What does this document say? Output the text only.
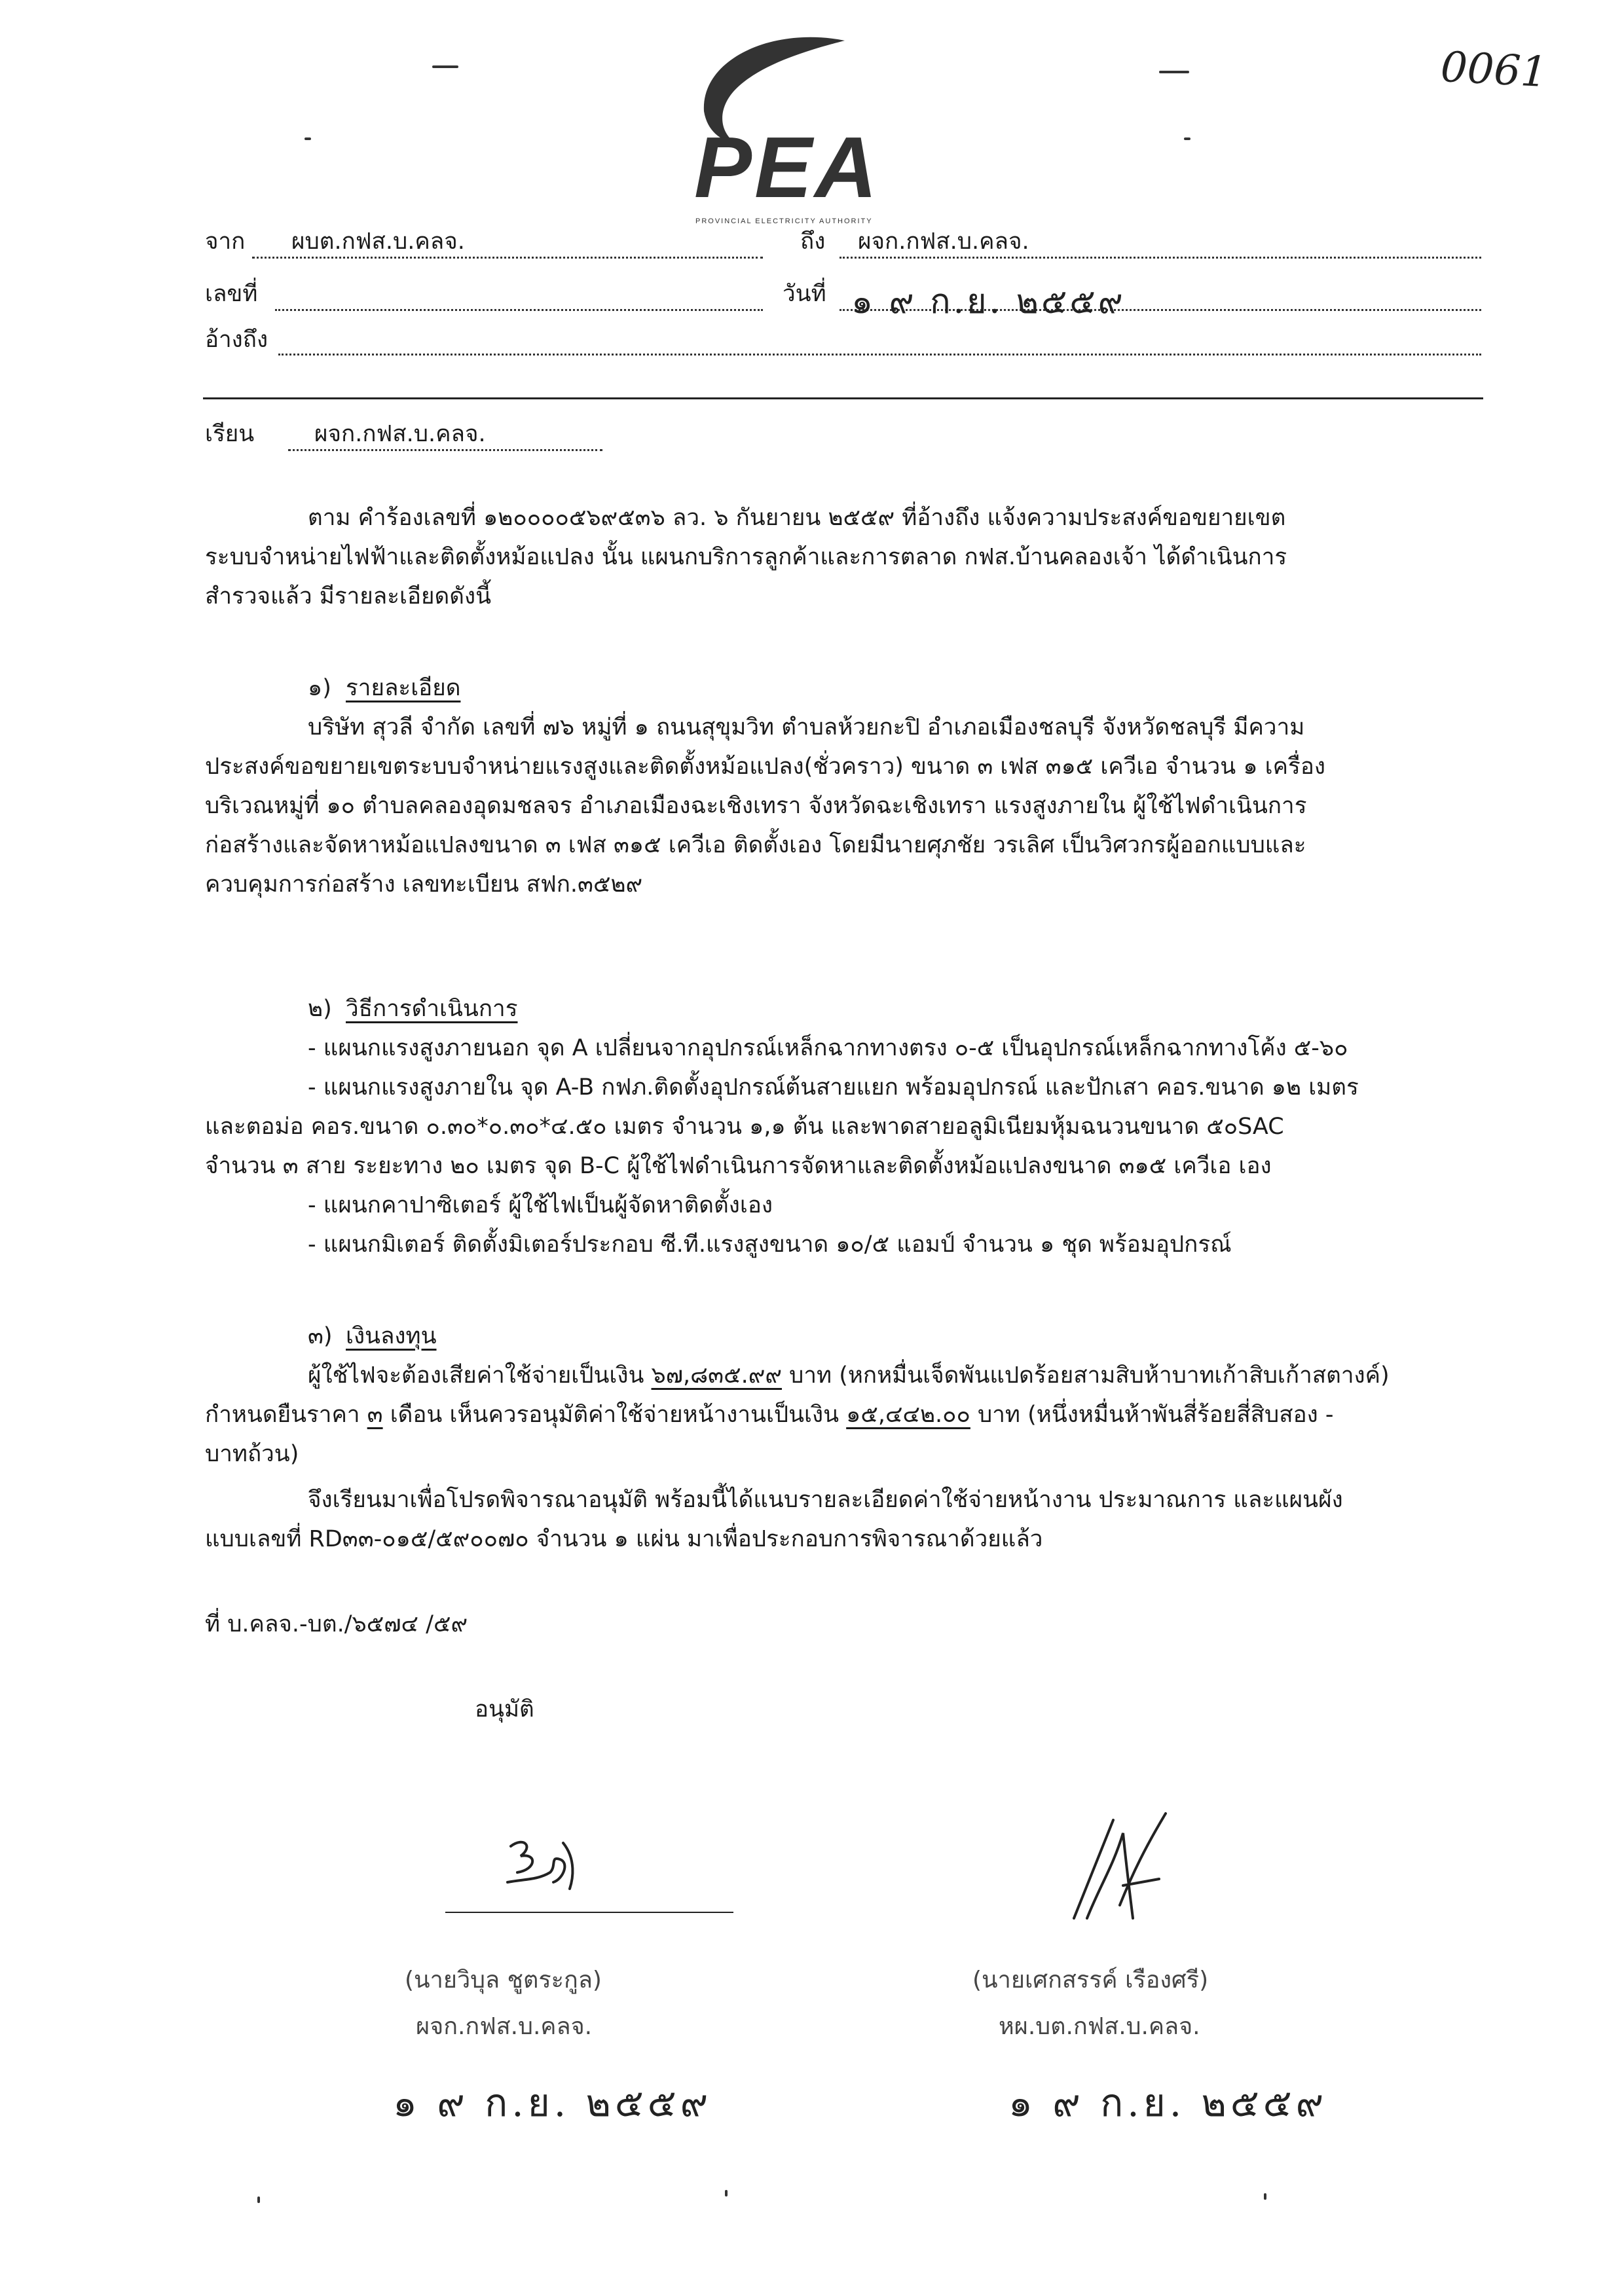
0061
PEA
PROVINCIAL ELECTRICITY AUTHORITY
จาก ผบต.กฟส.บ.คลจ.	ถึง ผจก.กฟส.บ.คลจ.
เลขที่	วันที่ ๑ ๙ ก.ย. ๒๕๕๙
อ้างถึง
เรียน	ผจก.กฟส.บ.คลจ.
ตาม คำร้องเลขที่ ๑๒๐๐๐๐๕๖๙๕๓๖ ลว. ๖ กันยายน ๒๕๕๙ ที่อ้างถึง แจ้งความประสงค์ขอขยายเขต
ระบบจำหน่ายไฟฟ้าและติดตั้งหม้อแปลง นั้น แผนกบริการลูกค้าและการตลาด กฟส.บ้านคลองเจ้า ได้ดำเนินการ
สำรวจแล้ว มีรายละเอียดดังนี้
๑) รายละเอียด
บริษัท สุวลี จำกัด เลขที่ ๗๖ หมู่ที่ ๑ ถนนสุขุมวิท ตำบลห้วยกะปิ อำเภอเมืองชลบุรี จังหวัดชลบุรี มีความ
ประสงค์ขอขยายเขตระบบจำหน่ายแรงสูงและติดตั้งหม้อแปลง(ชั่วคราว) ขนาด ๓ เฟส ๓๑๕ เควีเอ จำนวน ๑ เครื่อง
บริเวณหมู่ที่ ๑๐ ตำบลคลองอุดมชลจร อำเภอเมืองฉะเชิงเทรา จังหวัดฉะเชิงเทรา แรงสูงภายใน ผู้ใช้ไฟดำเนินการ
ก่อสร้างและจัดหาหม้อแปลงขนาด ๓ เฟส ๓๑๕ เควีเอ ติดตั้งเอง โดยมีนายศุภชัย วรเลิศ เป็นวิศวกรผู้ออกแบบและ
ควบคุมการก่อสร้าง เลขทะเบียน สฟก.๓๕๒๙
๒) วิธีการดำเนินการ
- แผนกแรงสูงภายนอก จุด A เปลี่ยนจากอุปกรณ์เหล็กฉากทางตรง ๐-๕ เป็นอุปกรณ์เหล็กฉากทางโค้ง ๕-๖๐
- แผนกแรงสูงภายใน จุด A-B กฟภ.ติดตั้งอุปกรณ์ต้นสายแยก พร้อมอุปกรณ์ และปักเสา คอร.ขนาด ๑๒ เมตร
และตอม่อ คอร.ขนาด ๐.๓๐*๐.๓๐*๔.๕๐ เมตร จำนวน ๑,๑ ต้น และพาดสายอลูมิเนียมหุ้มฉนวนขนาด ๕๐SAC
จำนวน ๓ สาย ระยะทาง ๒๐ เมตร จุด B-C ผู้ใช้ไฟดำเนินการจัดหาและติดตั้งหม้อแปลงขนาด ๓๑๕ เควีเอ เอง
- แผนกคาปาซิเตอร์ ผู้ใช้ไฟเป็นผู้จัดหาติดตั้งเอง
- แผนกมิเตอร์ ติดตั้งมิเตอร์ประกอบ ซี.ที.แรงสูงขนาด ๑๐/๕ แอมป์ จำนวน ๑ ชุด พร้อมอุปกรณ์
๓) เงินลงทุน
ผู้ใช้ไฟจะต้องเสียค่าใช้จ่ายเป็นเงิน ๖๗,๘๓๕.๙๙ บาท (หกหมื่นเจ็ดพันแปดร้อยสามสิบห้าบาทเก้าสิบเก้าสตางค์)
กำหนดยืนราคา ๓ เดือน เห็นควรอนุมัติค่าใช้จ่ายหน้างานเป็นเงิน ๑๕,๔๔๒.๐๐ บาท (หนึ่งหมื่นห้าพันสี่ร้อยสี่สิบสอง -
บาทถ้วน)
จึงเรียนมาเพื่อโปรดพิจารณาอนุมัติ พร้อมนี้ได้แนบรายละเอียดค่าใช้จ่ายหน้างาน ประมาณการ และแผนผัง
แบบเลขที่ RD๓๓-๐๑๕/๕๙๐๐๗๐ จำนวน ๑ แผ่น มาเพื่อประกอบการพิจารณาด้วยแล้ว
ที่ บ.คลจ.-บต./๖๕๗๔ /๕๙
อนุมัติ
(นายวิบุล ชูตระกูล)
ผจก.กฟส.บ.คลจ.
๑ ๙ ก.ย. ๒๕๕๙
(นายเศกสรรค์ เรืองศรี)
หผ.บต.กฟส.บ.คลจ.
๑ ๙ ก.ย. ๒๕๕๙
